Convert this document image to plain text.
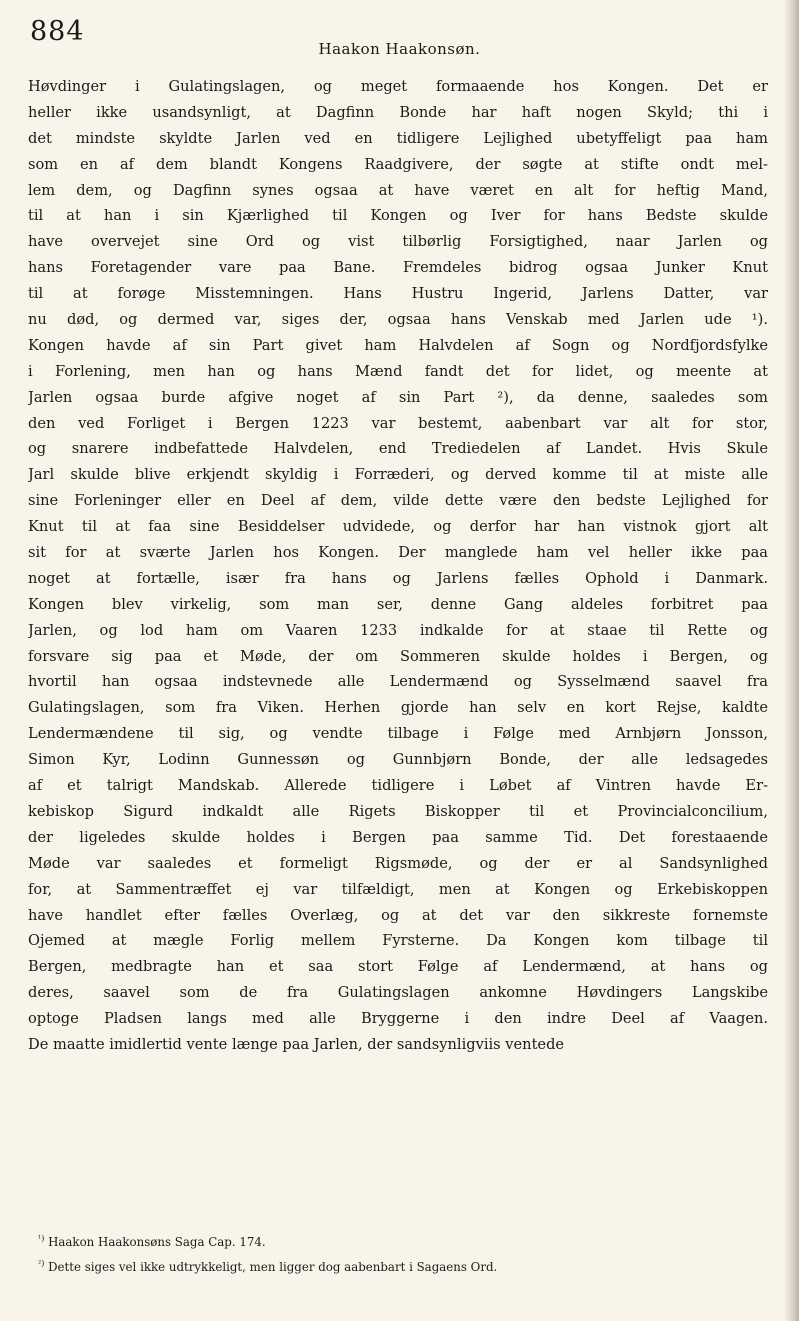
884

Haakon Haakonsøn.

Høvdinger i Gulatingslagen, og meget formaaende hos Kongen. Det er
heller ikke usandsynligt, at Dagfinn Bonde har haft nogen Skyld; thi i
det mindste skyldte Jarlen ved en tidligere Lejlighed ubetyffeligt paa ham
som en af dem blandt Kongens Raadgivere, der søgte at stifte ondt mel-
lem dem, og Dagfinn synes ogsaa at have været en alt for heftig Mand,
til at han i sin Kjærlighed til Kongen og Iver for hans Bedste skulde
have overvejet sine Ord og vist tilbørlig Forsigtighed, naar Jarlen og
hans Foretagender vare paa Bane. Fremdeles bidrog ogsaa Junker Knut
til at forøge Misstemningen. Hans Hustru Ingerid, Jarlens Datter, var
nu død, og dermed var, siges der, ogsaa hans Venskab med Jarlen ude ¹).
Kongen havde af sin Part givet ham Halvdelen af Sogn og Nordfjordsfylke
i Forlening, men han og hans Mænd fandt det for lidet, og meente at
Jarlen ogsaa burde afgive noget af sin Part ²), da denne, saaledes som
den ved Forliget i Bergen 1223 var bestemt, aabenbart var alt for stor,
og snarere indbefattede Halvdelen, end Trediedelen af Landet. Hvis Skule
Jarl skulde blive erkjendt skyldig i Forræderi, og derved komme til at miste alle
sine Forleninger eller en Deel af dem, vilde dette være den bedste Lejlighed for
Knut til at faa sine Besiddelser udvidede, og derfor har han vistnok gjort alt
sit for at sværte Jarlen hos Kongen. Der manglede ham vel heller ikke paa
noget at fortælle, især fra hans og Jarlens fælles Ophold i Danmark.
Kongen blev virkelig, som man ser, denne Gang aldeles forbitret paa
Jarlen, og lod ham om Vaaren 1233 indkalde for at staae til Rette og
forsvare sig paa et Møde, der om Sommeren skulde holdes i Bergen, og
hvortil han ogsaa indstevnede alle Lendermænd og Sysselmænd saavel fra
Gulatingslagen, som fra Viken. Herhen gjorde han selv en kort Rejse, kaldte
Lendermændene til sig, og vendte tilbage i Følge med Arnbjørn Jonsson,
Simon Kyr, Lodinn Gunnessøn og Gunnbjørn Bonde, der alle ledsagedes
af et talrigt Mandskab. Allerede tidligere i Løbet af Vintren havde Er-
kebiskop Sigurd indkaldt alle Rigets Biskopper til et Provincialconcilium,
der ligeledes skulde holdes i Bergen paa samme Tid. Det forestaaende
Møde var saaledes et formeligt Rigsmøde, og der er al Sandsynlighed
for, at Sammentræffet ej var tilfældigt, men at Kongen og Erkebiskoppen
have handlet efter fælles Overlæg, og at det var den sikkreste fornemste
Ojemed at mægle Forlig mellem Fyrsterne. Da Kongen kom tilbage til
Bergen, medbragte han et saa stort Følge af Lendermænd, at hans og
deres, saavel som de fra Gulatingslagen ankomne Høvdingers Langskibe
optoge Pladsen langs med alle Bryggerne i den indre Deel af Vaagen.
De maatte imidlertid vente længe paa Jarlen, der sandsynligviis ventede
$^{^1)}$ Haakon Haakonsøns Saga Cap. 174.
$^{^2)}$ Dette siges vel ikke udtrykkeligt, men ligger dog aabenbart i Sagaens Ord.
